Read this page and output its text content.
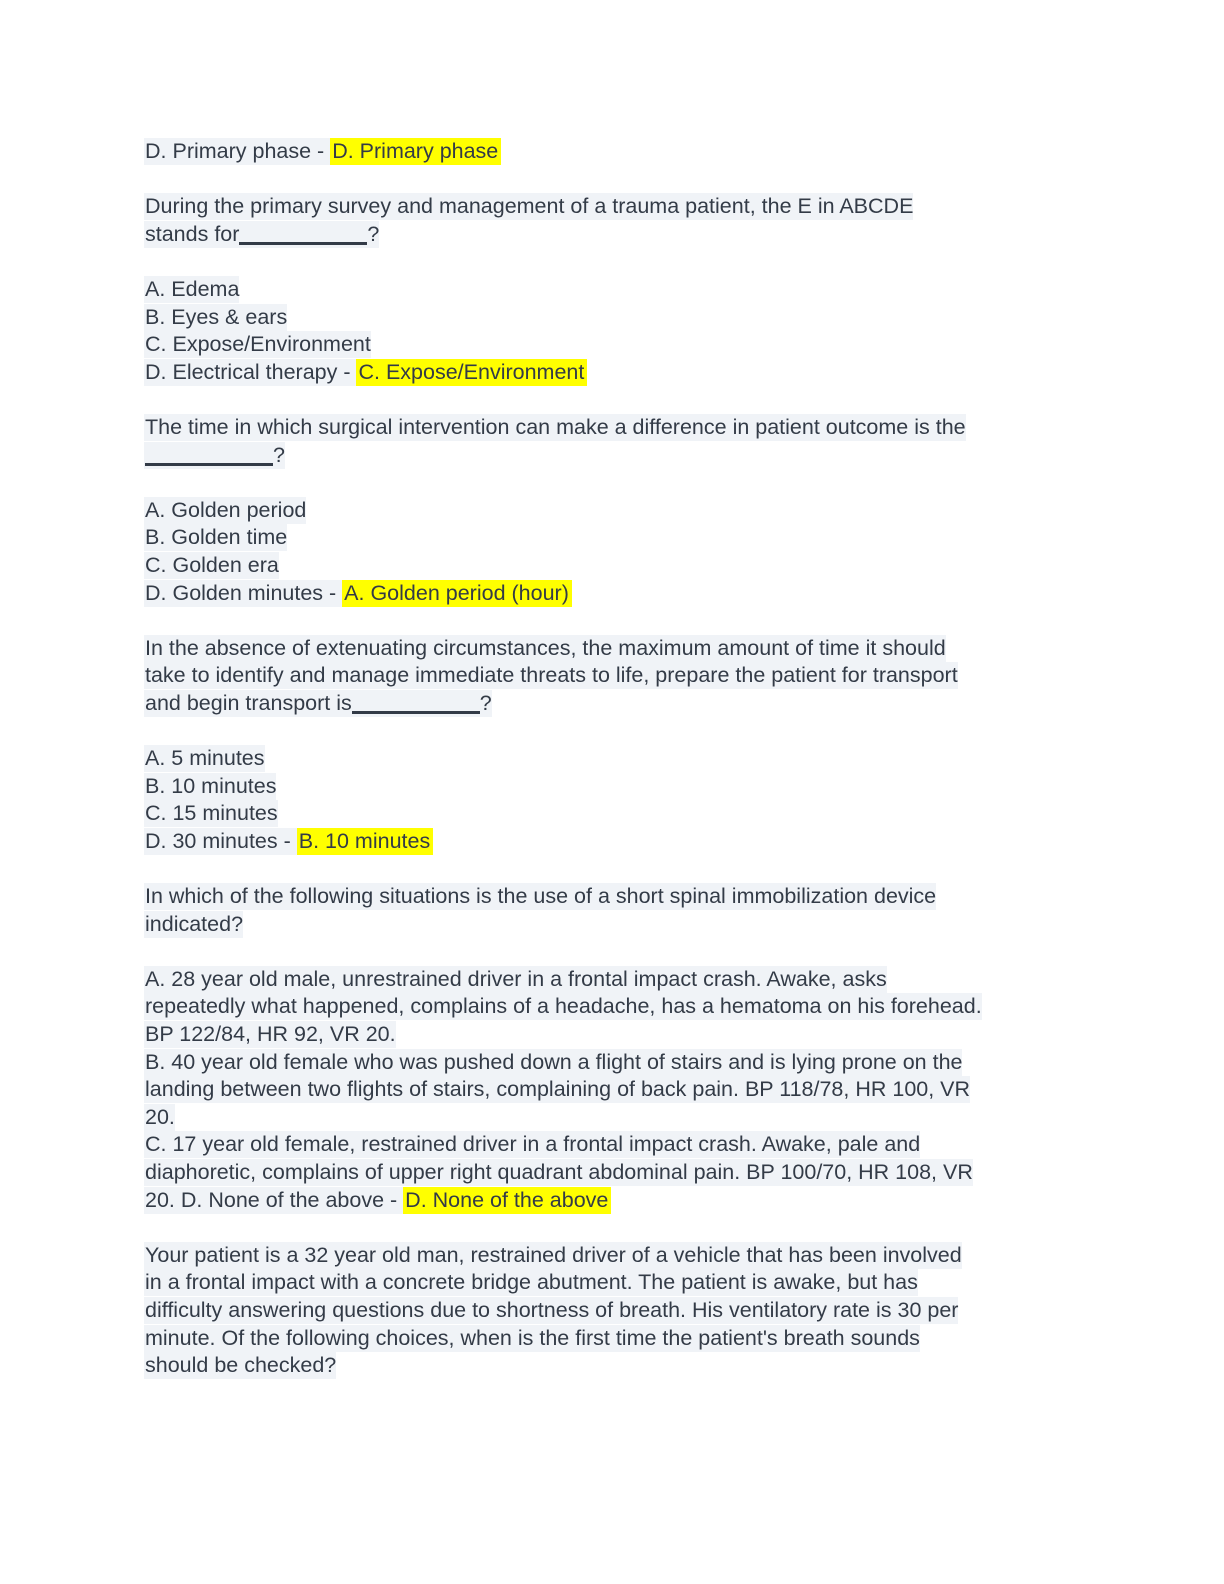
D. Primary phase - D. Primary phase
During the primary survey and management of a trauma patient, the E in ABCDE
stands for	?
A. Edema
B. Eyes & ears
C. Expose/Environment
D. Electrical therapy - C. Expose/Environment
The time in which surgical intervention can make a difference in patient outcome is the
?
A. Golden period
B. Golden time
C. Golden era
D. Golden minutes - A. Golden period (hour)
In the absence of extenuating circumstances, the maximum amount of time it should
take to identify and manage immediate threats to life, prepare the patient for transport
and begin transport is	?
A. 5 minutes
B. 10 minutes
C. 15 minutes
D. 30 minutes - B. 10 minutes
In which of the following situations is the use of a short spinal immobilization device
indicated?
A. 28 year old male, unrestrained driver in a frontal impact crash. Awake, asks
repeatedly what happened, complains of a headache, has a hematoma on his forehead.
BP 122/84, HR 92, VR 20.
B. 40 year old female who was pushed down a flight of stairs and is lying prone on the
landing between two flights of stairs, complaining of back pain. BP 118/78, HR 100, VR
20.
C. 17 year old female, restrained driver in a frontal impact crash. Awake, pale and
diaphoretic, complains of upper right quadrant abdominal pain. BP 100/70, HR 108, VR
20. D. None of the above - D. None of the above
Your patient is a 32 year old man, restrained driver of a vehicle that has been involved
in a frontal impact with a concrete bridge abutment. The patient is awake, but has
difficulty answering questions due to shortness of breath. His ventilatory rate is 30 per
minute. Of the following choices, when is the first time the patient's breath sounds
should be checked?
